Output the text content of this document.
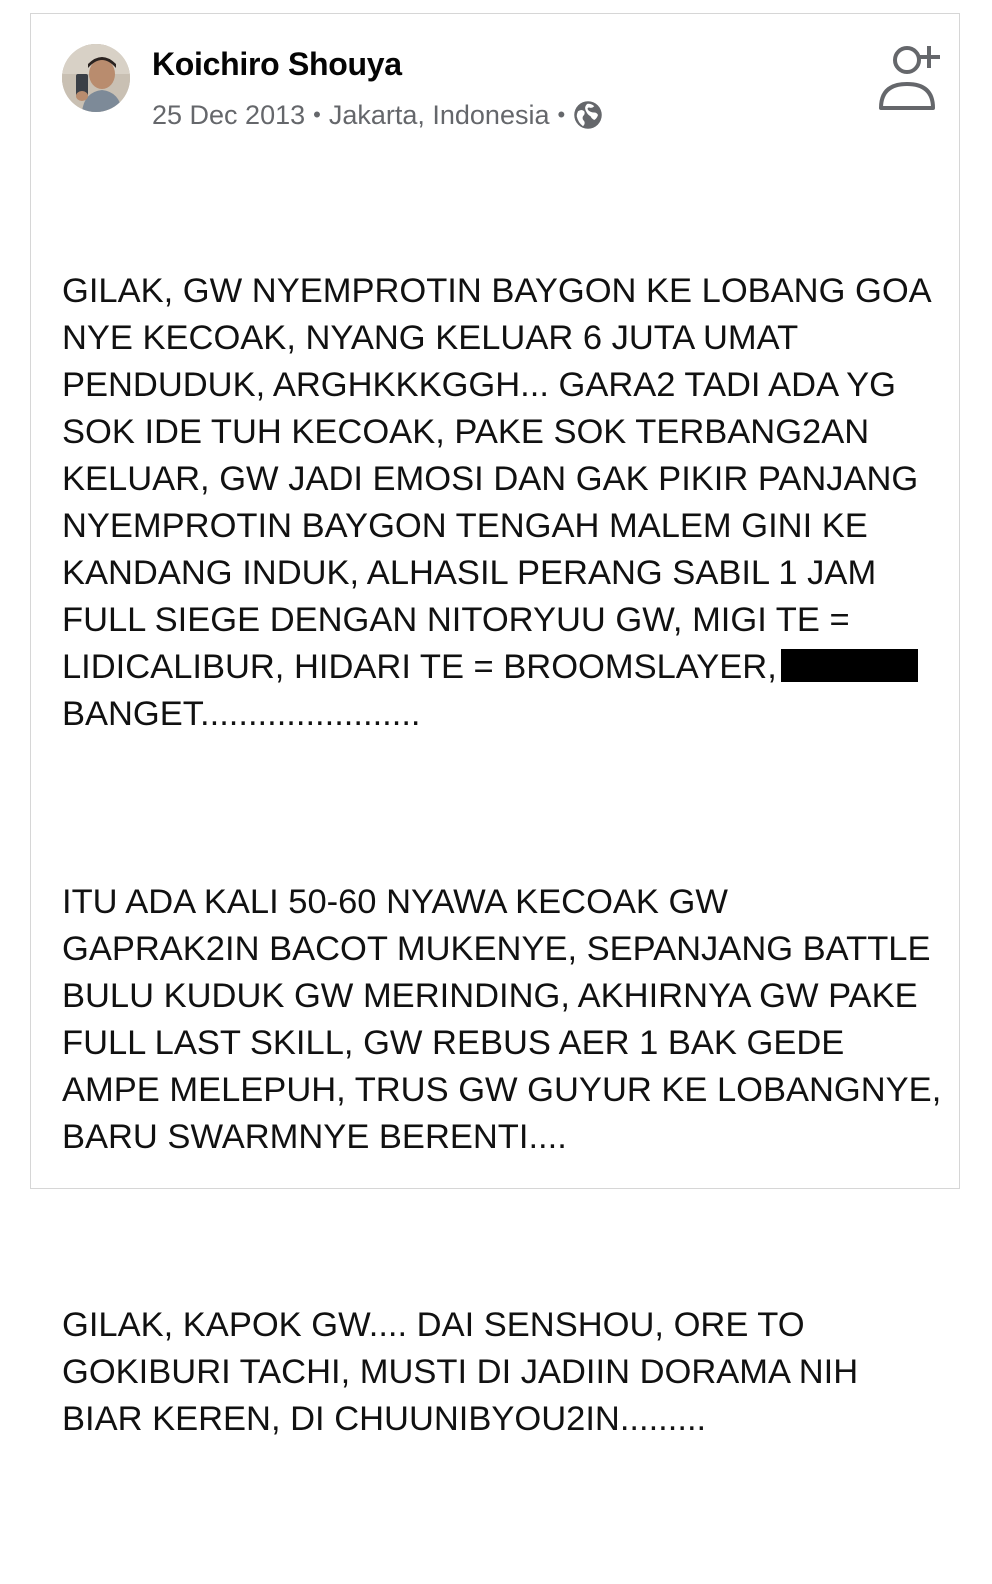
Koichiro Shouya
25 Dec 2013 • Jakarta, Indonesia •

GILAK, GW NYEMPROTIN BAYGON KE LOBANG GOA
NYE KECOAK, NYANG KELUAR 6 JUTA UMAT
PENDUDUK, ARGHKKKGGH... GARA2 TADI ADA YG
SOK IDE TUH KECOAK, PAKE SOK TERBANG2AN
KELUAR, GW JADI EMOSI DAN GAK PIKIR PANJANG
NYEMPROTIN BAYGON TENGAH MALEM GINI KE
KANDANG INDUK, ALHASIL PERANG SABIL 1 JAM
FULL SIEGE DENGAN NITORYUU GW, MIGI TE =
LIDICALIBUR, HIDARI TE = BROOMSLAYER,
BANGET.......................

ITU ADA KALI 50-60 NYAWA KECOAK GW
GAPRAK2IN BACOT MUKENYE, SEPANJANG BATTLE
BULU KUDUK GW MERINDING, AKHIRNYA GW PAKE
FULL LAST SKILL, GW REBUS AER 1 BAK GEDE
AMPE MELEPUH, TRUS GW GUYUR KE LOBANGNYE,
BARU SWARMNYE BERENTI....

GILAK, KAPOK GW.... DAI SENSHOU, ORE TO
GOKIBURI TACHI, MUSTI DI JADIIN DORAMA NIH
BIAR KEREN, DI CHUUNIBYOU2IN.........
